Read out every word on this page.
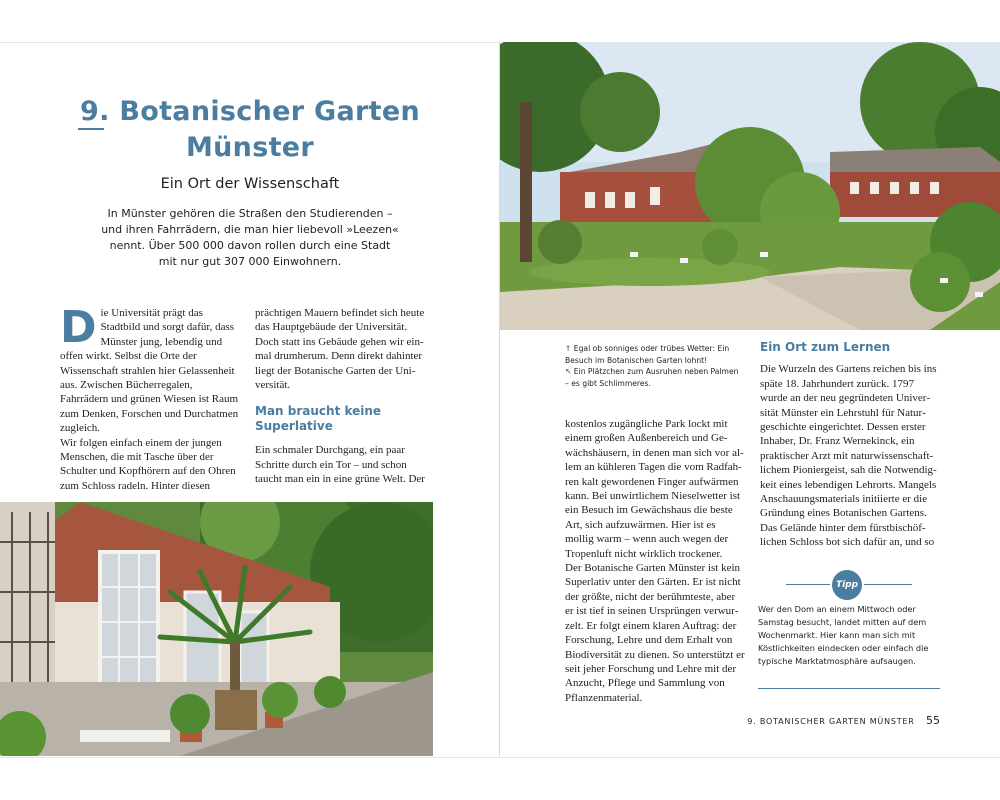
9. Botanischer Garten
Münster
Ein Ort der Wissenschaft
In Münster gehören die Straßen den Studierenden – und ihren Fahrrädern, die man hier liebevoll »Leezen« nennt. Über 500 000 davon rollen durch eine Stadt mit nur gut 307 000 Einwohnern.
D ie Universität prägt das Stadtbild und sorgt dafür, dass Münster jung, lebendig und offen wirkt. Selbst die Orte der Wissenschaft strahlen hier Gelassenheit aus. Zwischen Bücherregalen, Fahrrädern und grünen Wiesen ist Raum zum Denken, Forschen und Durchatmen zugleich.
Wir folgen einfach einem der jungen Menschen, die mit Tasche über der Schulter und Kopfhörern auf den Ohren zum Schloss radeln. Hinter diesen
prächtigen Mauern befindet sich heute das Hauptgebäude der Universität. Doch statt ins Gebäude gehen wir einmal drumherum. Denn direkt dahinter liegt der Botanische Garten der Universität.
Man braucht keine Superlative
Ein schmaler Durchgang, ein paar Schritte durch ein Tor – und schon taucht man ein in eine grüne Welt. Der
↑ Egal ob sonniges oder trübes Wetter: Ein Besuch im Botanischen Garten lohnt!
↖ Ein Plätzchen zum Ausruhen neben Palmen – es gibt Schlimmeres.
kostenlos zugängliche Park lockt mit einem großen Außenbereich und Gewächshäusern, in denen man sich vor allem an kühleren Tagen die vom Radfahren kalt gewordenen Finger aufwärmen kann. Bei unwirtlichem Nieselwetter ist ein Besuch im Gewächshaus die beste Art, sich aufzuwärmen. Hier ist es mollig warm – wenn auch wegen der Tropenluft nicht wirklich trockener.
Der Botanische Garten Münster ist kein Superlativ unter den Gärten. Er ist nicht der größte, nicht der berühmteste, aber er ist tief in seinen Ursprüngen verwurzelt. Er folgt einem klaren Auftrag: der Forschung, Lehre und dem Erhalt von Biodiversität zu dienen. So unterstützt er seit jeher Forschung und Lehre mit der Anzucht, Pflege und Sammlung von Pflanzenmaterial.
Ein Ort zum Lernen
Die Wurzeln des Gartens reichen bis ins späte 18. Jahrhundert zurück. 1797 wurde an der neu gegründeten Universität Münster ein Lehrstuhl für Naturgeschichte eingerichtet. Dessen erster Inhaber, Dr. Franz Wernekinck, ein praktischer Arzt mit naturwissenschaftlichem Pioniergeist, sah die Notwendigkeit eines lebendigen Lehrorts. Mangels Anschauungsmaterials initiierte er die Gründung eines Botanischen Gartens. Das Gelände hinter dem fürstbischöflichen Schloss bot sich dafür an, und so
Tipp
Wer den Dom an einem Mittwoch oder Samstag besucht, landet mitten auf dem Wochenmarkt. Hier kann man sich mit Köstlichkeiten eindecken oder einfach die typische Marktatmosphäre aufsaugen.
9. BOTANISCHER GARTEN MÜNSTER 55
